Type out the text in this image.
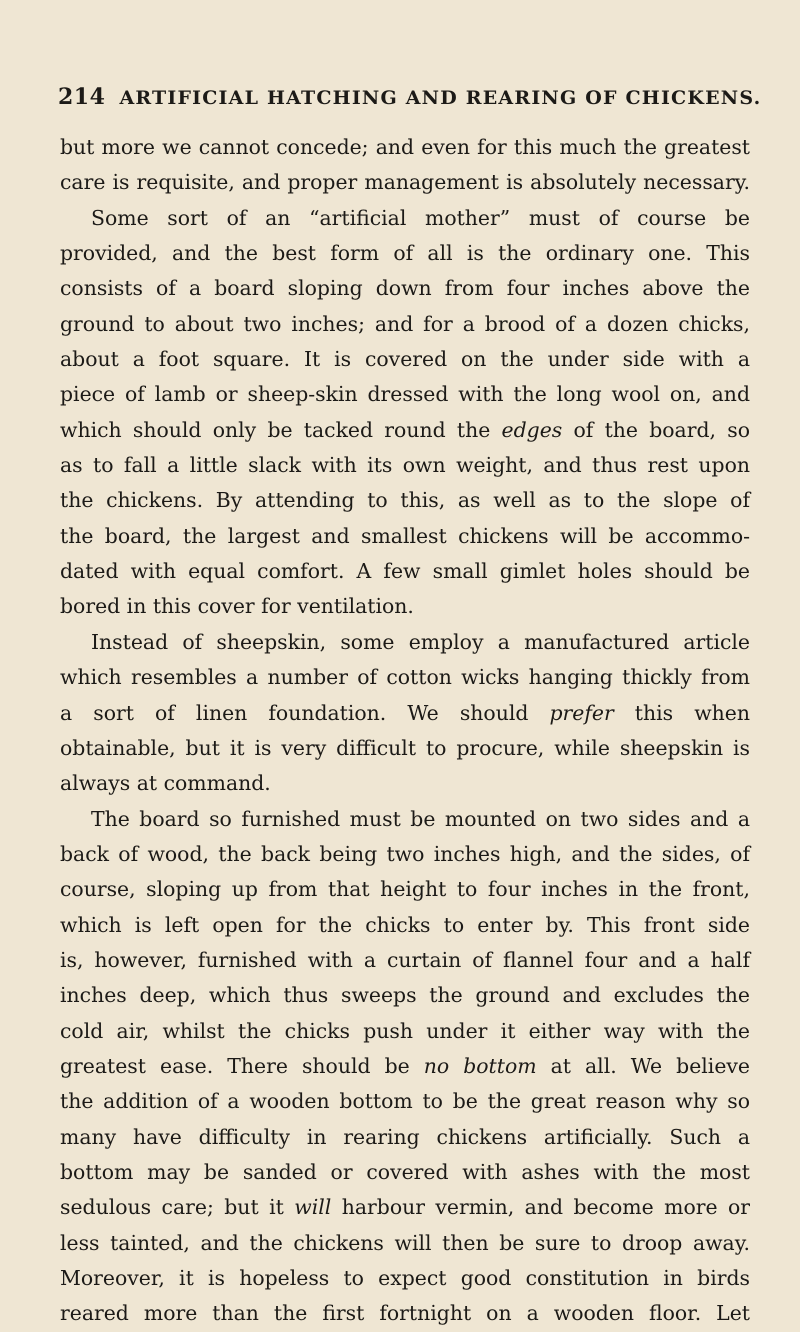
214 ARTIFICIAL HATCHING AND REARING OF CHICKENS.
but more we cannot concede; and even for this much the greatest
care is requisite, and proper management is absolutely necessary.
Some sort of an “artificial mother” must of course be
provided, and the best form of all is the ordinary one. This
consists of a board sloping down from four inches above the
ground to about two inches; and for a brood of a dozen chicks,
about a foot square. It is covered on the under side with a
piece of lamb or sheep-skin dressed with the long wool on, and
which should only be tacked round the edges of the board, so
as to fall a little slack with its own weight, and thus rest upon
the chickens. By attending to this, as well as to the slope of
the board, the largest and smallest chickens will be accommo-
dated with equal comfort. A few small gimlet holes should be
bored in this cover for ventilation.
Instead of sheepskin, some employ a manufactured article
which resembles a number of cotton wicks hanging thickly from
a sort of linen foundation. We should prefer this when
obtainable, but it is very difficult to procure, while sheepskin is
always at command.
The board so furnished must be mounted on two sides and a
back of wood, the back being two inches high, and the sides, of
course, sloping up from that height to four inches in the front,
which is left open for the chicks to enter by. This front side
is, however, furnished with a curtain of flannel four and a half
inches deep, which thus sweeps the ground and excludes the
cold air, whilst the chicks push under it either way with the
greatest ease. There should be no bottom at all. We believe
the addition of a wooden bottom to be the great reason why so
many have difficulty in rearing chickens artificially. Such a
bottom may be sanded or covered with ashes with the most
sedulous care; but it will harbour vermin, and become more or
less tainted, and the chickens will then be sure to droop away.
Moreover, it is hopeless to expect good constitution in birds
reared more than the first fortnight on a wooden floor. Let
